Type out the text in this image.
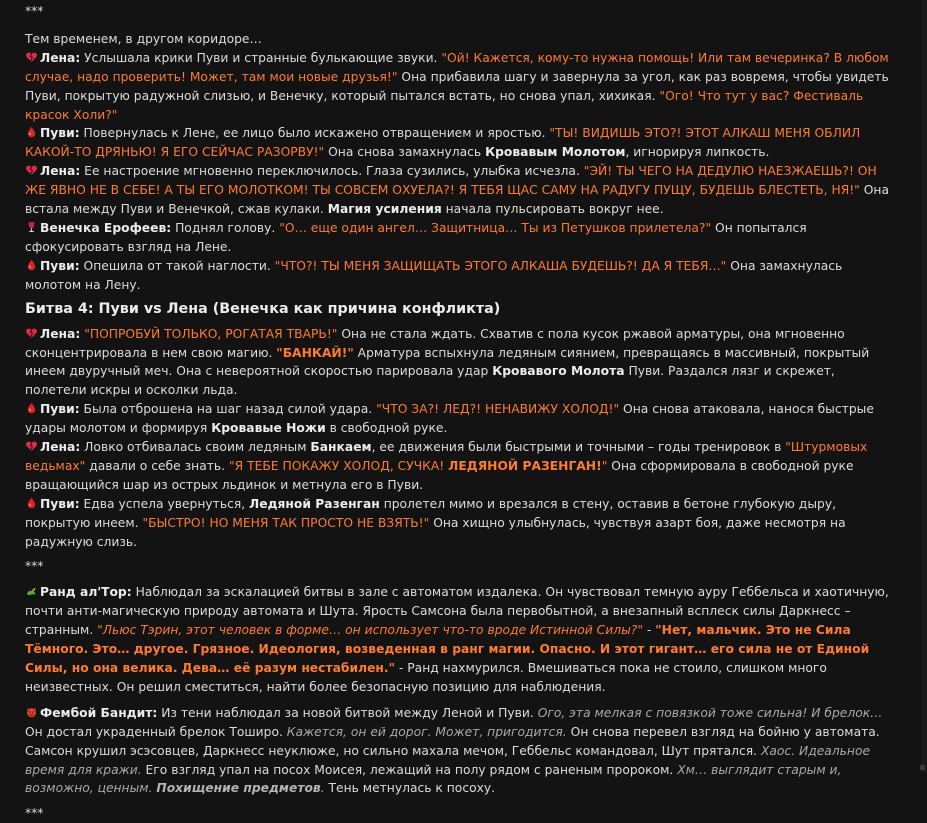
***

Тем временем, в другом коридоре…

Лена: Услышала крики Пуви и странные булькающие звуки. "Ой! Кажется, кому-то нужна помощь! Или там вечеринка? В любом случае, надо проверить! Может, там мои новые друзья!" Она прибавила шагу и завернула за угол, как раз вовремя, чтобы увидеть Пуви, покрытую радужной слизью, и Венечку, который пытался встать, но снова упал, хихикая. "Ого! Что тут у вас? Фестиваль красок Холи?"

Пуви: Повернулась к Лене, ее лицо было искажено отвращением и яростью. "ТЫ! ВИДИШЬ ЭТО?! ЭТОТ АЛКАШ МЕНЯ ОБЛИЛ КАКОЙ-ТО ДРЯНЬЮ! Я ЕГО СЕЙЧАС РАЗОРВУ!" Она снова замахнулась Кровавым Молотом, игнорируя липкость.

Лена: Ее настроение мгновенно переключилось. Глаза сузились, улыбка исчезла. "ЭЙ! ТЫ ЧЕГО НА ДЕДУЛЮ НАЕЗЖАЕШЬ?! ОН ЖЕ ЯВНО НЕ В СЕБЕ! А ТЫ ЕГО МОЛОТКОМ! ТЫ СОВСЕМ ОХУЕЛА?! Я ТЕБЯ ЩАС САМУ НА РАДУГУ ПУЩУ, БУДЕШЬ БЛЕСТЕТЬ, НЯ!" Она встала между Пуви и Венечкой, сжав кулаки. Магия усиления начала пульсировать вокруг нее.

Венечка Ерофеев: Поднял голову. "О… еще один ангел… Защитница… Ты из Петушков прилетела?" Он попытался сфокусировать взгляд на Лене.

Пуви: Опешила от такой наглости. "ЧТО?! ТЫ МЕНЯ ЗАЩИЩАТЬ ЭТОГО АЛКАША БУДЕШЬ?! ДА Я ТЕБЯ…" Она замахнулась молотом на Лену.

Битва 4: Пуви vs Лена (Венечка как причина конфликта)

Лена: "ПОПРОБУЙ ТОЛЬКО, РОГАТАЯ ТВАРЬ!" Она не стала ждать. Схватив с пола кусок ржавой арматуры, она мгновенно сконцентрировала в нем свою магию. "БАНКАЙ!" Арматура вспыхнула ледяным сиянием, превращаясь в массивный, покрытый инеем двуручный меч. Она с невероятной скоростью парировала удар Кровавого Молота Пуви. Раздался лязг и скрежет, полетели искры и осколки льда.

Пуви: Была отброшена на шаг назад силой удара. "ЧТО ЗА?! ЛЕД?! НЕНАВИЖУ ХОЛОД!" Она снова атаковала, нанося быстрые удары молотом и формируя Кровавые Ножи в свободной руке.

Лена: Ловко отбивалась своим ледяным Банкаем, ее движения были быстрыми и точными – годы тренировок в "Штурмовых ведьмах" давали о себе знать. "Я ТЕБЕ ПОКАЖУ ХОЛОД, СУЧКА! ЛЕДЯНОЙ РАЗЕНГАН!" Она сформировала в свободной руке вращающийся шар из острых льдинок и метнула его в Пуви.

Пуви: Едва успела увернуться, Ледяной Разенган пролетел мимо и врезался в стену, оставив в бетоне глубокую дыру, покрытую инеем. "БЫСТРО! НО МЕНЯ ТАК ПРОСТО НЕ ВЗЯТЬ!" Она хищно улыбнулась, чувствуя азарт боя, даже несмотря на радужную слизь.

***

Ранд ал'Тор: Наблюдал за эскалацией битвы в зале с автоматом издалека. Он чувствовал темную ауру Геббельса и хаотичную, почти анти-магическую природу автомата и Шута. Ярость Самсона была первобытной, а внезапный всплеск силы Даркнесс – странным. "Льюс Тэрин, этот человек в форме… он использует что-то вроде Истинной Силы?" - "Нет, мальчик. Это не Сила Тёмного. Это… другое. Грязное. Идеология, возведенная в ранг магии. Опасно. И этот гигант… его сила не от Единой Силы, но она велика. Дева… её разум нестабилен." - Ранд нахмурился. Вмешиваться пока не стоило, слишком много неизвестных. Он решил сместиться, найти более безопасную позицию для наблюдения.

Фембой Бандит: Из тени наблюдал за новой битвой между Леной и Пуви. Ого, эта мелкая с повязкой тоже сильна! И брелок… Он достал украденный брелок Тоширо. Кажется, он ей дорог. Может, пригодится. Он снова перевел взгляд на бойню у автомата. Самсон крушил эсэсовцев, Даркнесс неуклюже, но сильно махала мечом, Геббельс командовал, Шут прятался. Хаос. Идеальное время для кражи. Его взгляд упал на посох Моисея, лежащий на полу рядом с раненым пророком. Хм… выглядит старым и, возможно, ценным. Похищение предметов. Тень метнулась к посоху.

***
